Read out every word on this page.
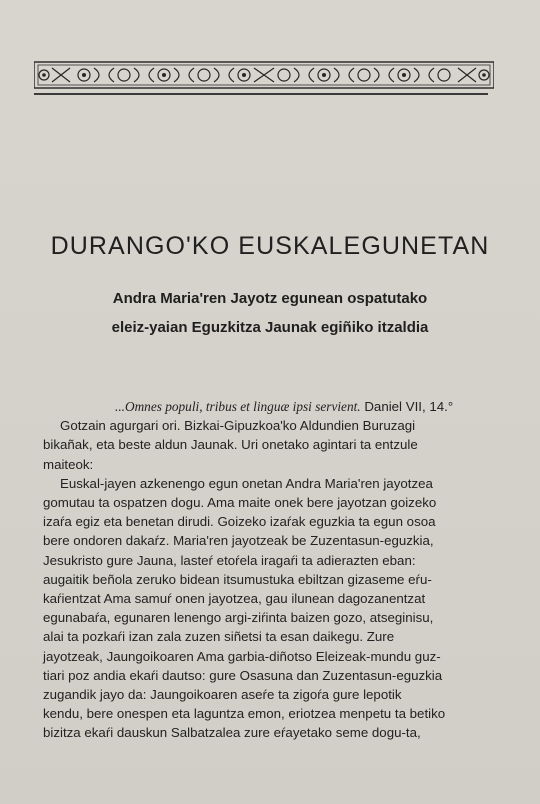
DURANGO'KO EUSKALEGUNETAN
Andra Maria'ren Jayotz egunean ospatutako
eleiz-yaian Eguzkitza Jaunak egiñiko itzaldia
...Omnes populi, tribus et linguæ ipsi servient. Daniel VII, 14.°
Gotzain agurgari ori. Bizkai-Gipuzkoa'ko Aldundien Buruzagi
bikañak, eta beste aldun Jaunak. Uri onetako agintari ta entzule
maiteok:
Euskal-jayen azkenengo egun onetan Andra Maria'ren jayotzea
gomutau ta ospatzen dogu. Ama maite onek bere jayotzan goizeko
izaŕa egiz eta benetan dirudi. Goizeko izaŕak eguzkia ta egun osoa
bere ondoren dakaŕz. Maria'ren jayotzeak be Zuzentasun-eguzkia,
Jesukristo gure Jauna, lasteŕ etoŕela iragaŕi ta adierazten eban:
augaitik beñola zeruko bidean itsumustuka ebiltzan gizaseme eŕu-
kaŕientzat Ama samuŕ onen jayotzea, gau ilunean dagozanentzat
egunabaŕa, egunaren lenengo argi-ziŕinta baizen gozo, atseginisu,
alai ta pozkaŕi izan zala zuzen siñetsi ta esan daikegu. Zure
jayotzeak, Jaungoikoaren Ama garbia-diñotso Eleizeak-mundu guz-
tiari poz andia ekaŕi dautso: gure Osasuna dan Zuzentasun-eguzkia
zugandik jayo da: Jaungoikoaren aseŕe ta zigoŕa gure lepotik
kendu, bere onespen eta laguntza emon, eriotzea menpetu ta betiko
bizitza ekaŕi dauskun Salbatzalea zure eŕayetako seme dogu-ta,
